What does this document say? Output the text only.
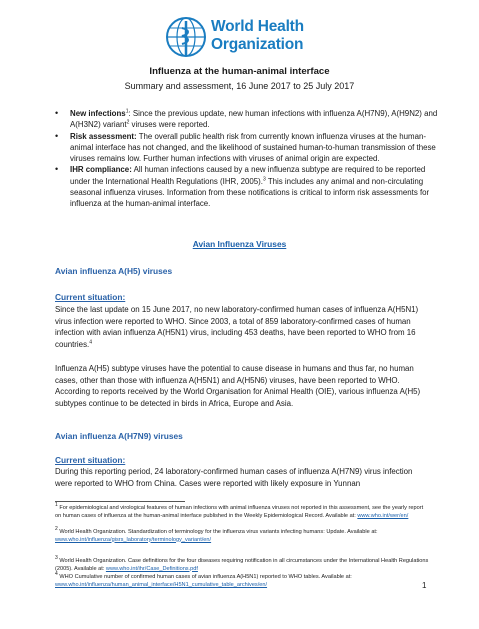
World Health
Organization
Influenza at the human-animal interface
Summary and assessment, 16 June 2017 to 25 July 2017
• New infections$^1$: Since the previous update, new human infections with influenza A(H7N9), A(H9N2) and A(H3N2) variant$^2$ viruses were reported.
• Risk assessment: The overall public health risk from currently known influenza viruses at the human-animal interface has not changed, and the likelihood of sustained human-to-human transmission of these viruses remains low. Further human infections with viruses of animal origin are expected.
• IHR compliance: All human infections caused by a new influenza subtype are required to be reported under the International Health Regulations (IHR, 2005).$^3$ This includes any animal and non-circulating seasonal influenza viruses. Information from these notifications is critical to inform risk assessments for influenza at the human-animal interface.
Avian Influenza Viruses
Avian influenza A(H5) viruses
Current situation:
Since the last update on 15 June 2017, no new laboratory-confirmed human cases of influenza A(H5N1) virus infection were reported to WHO. Since 2003, a total of 859 laboratory-confirmed cases of human infection with avian influenza A(H5N1) virus, including 453 deaths, have been reported to WHO from 16 countries.$^4$
Influenza A(H5) subtype viruses have the potential to cause disease in humans and thus far, no human cases, other than those with influenza A(H5N1) and A(H5N6) viruses, have been reported to WHO. According to reports received by the World Organisation for Animal Health (OIE), various influenza A(H5) subtypes continue to be detected in birds in Africa, Europe and Asia.
Avian influenza A(H7N9) viruses
Current situation:
During this reporting period, 24 laboratory-confirmed human cases of influenza A(H7N9) virus infection were reported to WHO from China. Cases were reported with likely exposure in Yunnan
$^1$ For epidemiological and virological features of human infections with animal influenza viruses not reported in this assessment, see the yearly report on human cases of influenza at the human-animal interface published in the Weekly Epidemiological Record. Available at: www.who.int/wer/en/
$^2$ World Health Organization. Standardization of terminology for the influenza virus variants infecting humans: Update. Available at: www.who.int/influenza/gisrs_laboratory/terminology_variant/en/
$^3$ World Health Organization. Case definitions for the four diseases requiring notification in all circumstances under the International Health Regulations (2005). Available at: www.who.int/ihr/Case_Definitions.pdf
$^4$ WHO Cumulative number of confirmed human cases of avian influenza A(H5N1) reported to WHO tables. Available at: www.who.int/influenza/human_animal_interface/H5N1_cumulative_table_archives/en/	1
